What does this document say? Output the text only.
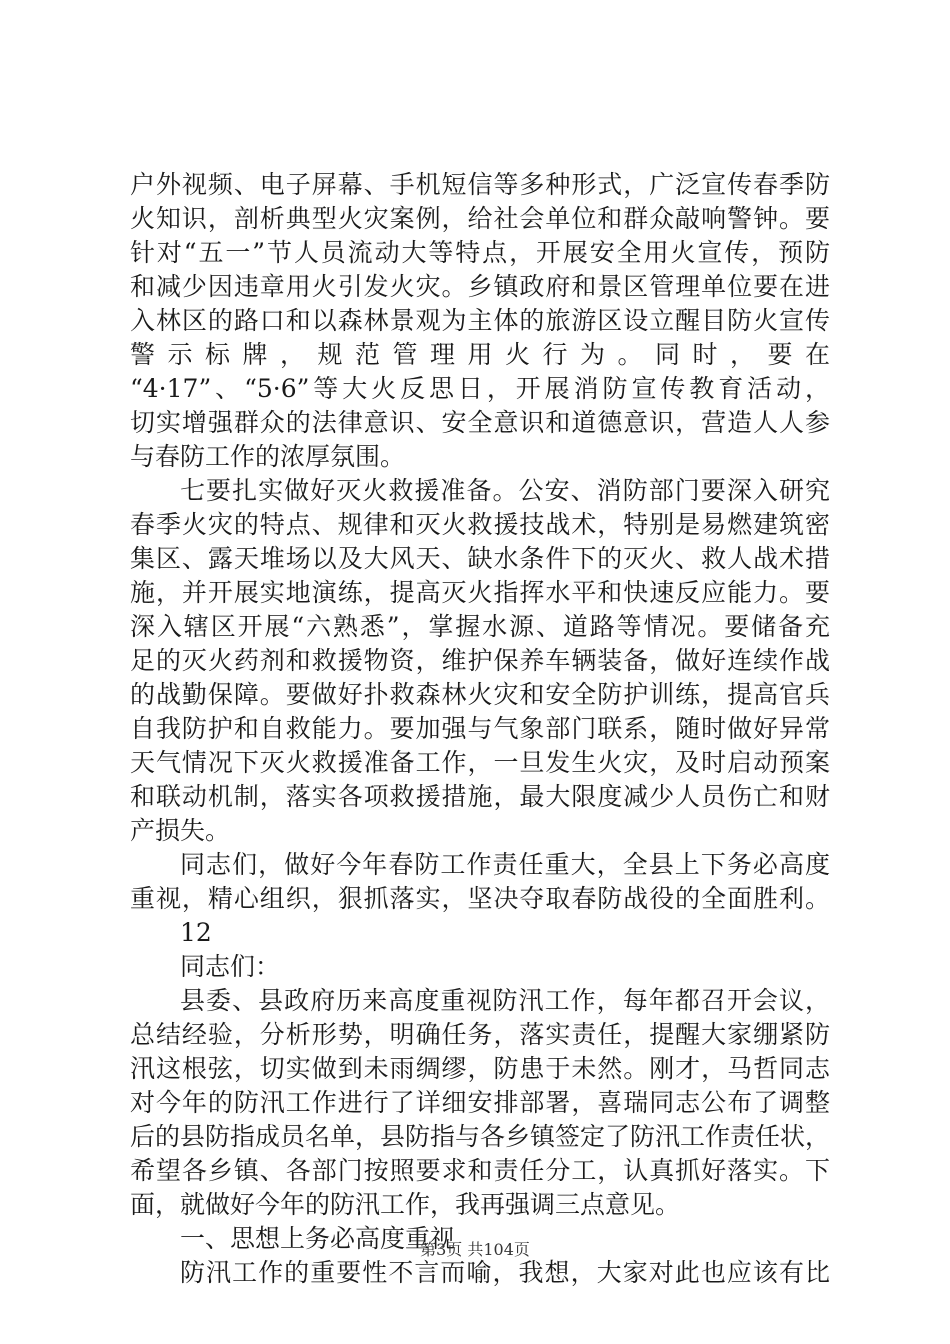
户外视频、电子屏幕、手机短信等多种形式，广泛宣传春季防
火知识，剖析典型火灾案例，给社会单位和群众敲响警钟。要
针对“五一”节人员流动大等特点，开展安全用火宣传，预防
和减少因违章用火引发火灾。乡镇政府和景区管理单位要在进
入林区的路口和以森林景观为主体的旅游区设立醒目防火宣传
警示标牌，规范管理用火行为。同时，要在
“4·17”、“5·6”等大火反思日，开展消防宣传教育活动，
切实增强群众的法律意识、安全意识和道德意识，营造人人参
与春防工作的浓厚氛围。
七要扎实做好灭火救援准备。公安、消防部门要深入研究
春季火灾的特点、规律和灭火救援技战术，特别是易燃建筑密
集区、露天堆场以及大风天、缺水条件下的灭火、救人战术措
施，并开展实地演练，提高灭火指挥水平和快速反应能力。要
深入辖区开展“六熟悉”，掌握水源、道路等情况。要储备充
足的灭火药剂和救援物资，维护保养车辆装备，做好连续作战
的战勤保障。要做好扑救森林火灾和安全防护训练，提高官兵
自我防护和自救能力。要加强与气象部门联系，随时做好异常
天气情况下灭火救援准备工作，一旦发生火灾，及时启动预案
和联动机制，落实各项救援措施，最大限度减少人员伤亡和财
产损失。
同志们，做好今年春防工作责任重大，全县上下务必高度
重视，精心组织，狠抓落实，坚决夺取春防战役的全面胜利。
12
同志们：
县委、县政府历来高度重视防汛工作，每年都召开会议，
总结经验，分析形势，明确任务，落实责任，提醒大家绷紧防
汛这根弦，切实做到未雨绸缪，防患于未然。刚才，马哲同志
对今年的防汛工作进行了详细安排部署，喜瑞同志公布了调整
后的县防指成员名单，县防指与各乡镇签定了防汛工作责任状，
希望各乡镇、各部门按照要求和责任分工，认真抓好落实。下
面，就做好今年的防汛工作，我再强调三点意见。
一、思想上务必高度重视
防汛工作的重要性不言而喻，我想，大家对此也应该有比
第3页 共104页
